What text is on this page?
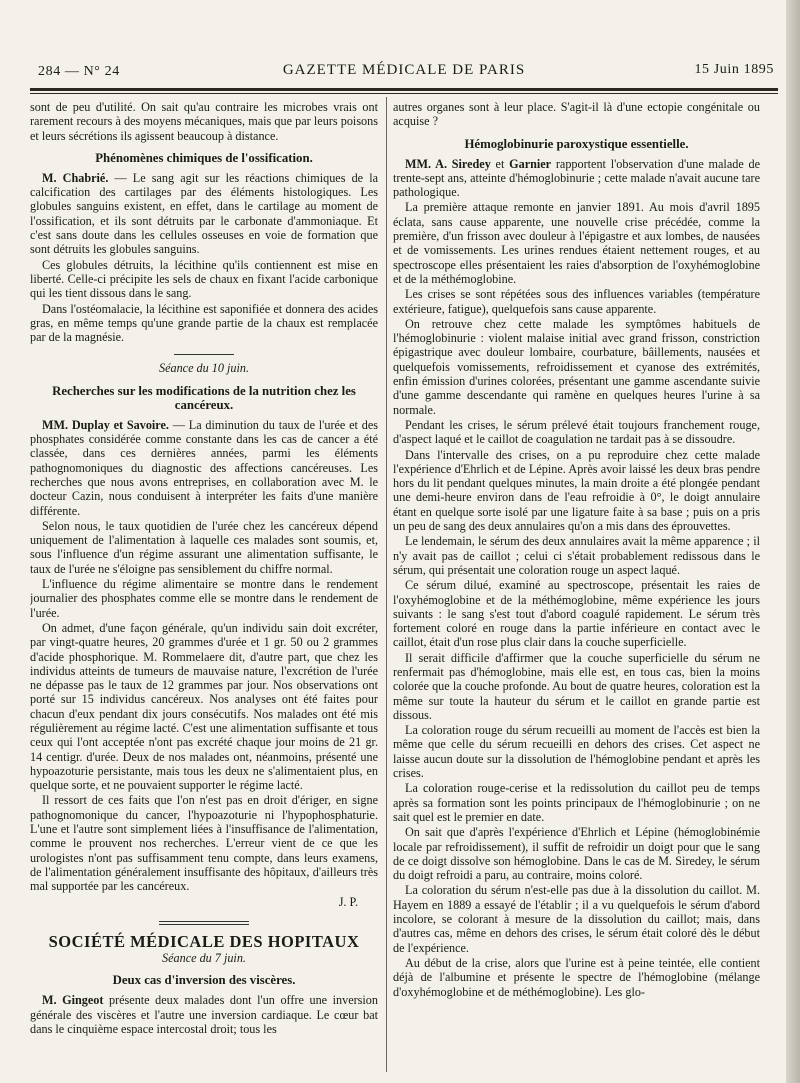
284 — N° 24	GAZETTE MÉDICALE DE PARIS	15 Juin 1895

sont de peu d'utilité. On sait qu'au contraire les microbes vrais ont rarement recours à des moyens mécaniques, mais que par leurs poisons et leurs sécrétions ils agissent beaucoup à distance.

Phénomènes chimiques de l'ossification.

M. Chabrié. — Le sang agit sur les réactions chimiques de la calcification des cartilages par des éléments histologiques. Les globules sanguins existent, en effet, dans le cartilage au moment de l'ossification, et ils sont détruits par le carbonate d'ammoniaque. Et c'est sans doute dans les cellules osseuses en voie de formation que sont détruits les globules sanguins.

Ces globules détruits, la lécithine qu'ils contiennent est mise en liberté. Celle-ci précipite les sels de chaux en fixant l'acide carbonique qui les tient dissous dans le sang.

Dans l'ostéomalacie, la lécithine est saponifiée et donnera des acides gras, en même temps qu'une grande partie de la chaux est remplacée par de la magnésie.

Séance du 10 juin.
Recherches sur les modifications de la nutrition chez les cancéreux.

MM. Duplay et Savoire. — La diminution du taux de l'urée et des phosphates considérée comme constante dans les cas de cancer a été classée, dans ces dernières années, parmi les éléments pathognomoniques du diagnostic des affections cancéreuses. Les recherches que nous avons entreprises, en collaboration avec M. le docteur Cazin, nous conduisent à interpréter les faits d'une manière différente.

Selon nous, le taux quotidien de l'urée chez les cancéreux dépend uniquement de l'alimentation à laquelle ces malades sont soumis, et, sous l'influence d'un régime assurant une alimentation suffisante, le taux de l'urée ne s'éloigne pas sensiblement du chiffre normal.

L'influence du régime alimentaire se montre dans le rendement journalier des phosphates comme elle se montre dans le rendement de l'urée.

On admet, d'une façon générale, qu'un individu sain doit excréter, par vingt-quatre heures, 20 grammes d'urée et 1 gr. 50 ou 2 grammes d'acide phosphorique. M. Rommelaere dit, d'autre part, que chez les individus atteints de tumeurs de mauvaise nature, l'excrétion de l'urée ne dépasse pas le taux de 12 grammes par jour. Nos observations ont porté sur 15 individus cancéreux. Nos analyses ont été faites pour chacun d'eux pendant dix jours consécutifs. Nos malades ont été mis régulièrement au régime lacté. C'est une alimentation suffisante et tous ceux qui l'ont acceptée n'ont pas excrété chaque jour moins de 21 gr. 14 centigr. d'urée. Deux de nos malades ont, néanmoins, présenté une hypoazoturie persistante, mais tous les deux ne s'alimentaient plus, en quelque sorte, et ne pouvaient supporter le régime lacté.

Il ressort de ces faits que l'on n'est pas en droit d'ériger, en signe pathognomonique du cancer, l'hypoazoturie ni l'hypophosphaturie. L'une et l'autre sont simplement liées à l'insuffisance de l'alimentation, comme le prouvent nos recherches. L'erreur vient de ce que les urologistes n'ont pas suffisamment tenu compte, dans leurs examens, de l'alimentation généralement insuffisante des hôpitaux, d'ailleurs très mal supportée par les cancéreux.

J. P.
SOCIÉTÉ MÉDICALE DES HOPITAUX
Séance du 7 juin.
Deux cas d'inversion des viscères.

M. Gingeot présente deux malades dont l'un offre une inversion générale des viscères et l'autre une inversion cardiaque. Le cœur bat dans le cinquième espace intercostal droit; tous les

autres organes sont à leur place. S'agit-il là d'une ectopie congénitale ou acquise ?

Hémoglobinurie paroxystique essentielle.

MM. A. Siredey et Garnier rapportent l'observation d'une malade de trente-sept ans, atteinte d'hémoglobinurie ; cette malade n'avait aucune tare pathologique.

La première attaque remonte en janvier 1891. Au mois d'avril 1895 éclata, sans cause apparente, une nouvelle crise précédée, comme la première, d'un frisson avec douleur à l'épigastre et aux lombes, de nausées et de vomissements. Les urines rendues étaient nettement rouges, et au spectroscope elles présentaient les raies d'absorption de l'oxyhémoglobine et de la méthémoglobine.

Les crises se sont répétées sous des influences variables (température extérieure, fatigue), quelquefois sans cause apparente.

On retrouve chez cette malade les symptômes habituels de l'hémoglobinurie : violent malaise initial avec grand frisson, constriction épigastrique avec douleur lombaire, courbature, bâillements, nausées et quelquefois vomissements, refroidissement et cyanose des extrémités, enfin émission d'urines colorées, présentant une gamme ascendante suivie d'une gamme descendante qui ramène en quelques heures l'urine à sa normale.

Pendant les crises, le sérum prélevé était toujours franchement rouge, d'aspect laqué et le caillot de coagulation ne tardait pas à se dissoudre.

Dans l'intervalle des crises, on a pu reproduire chez cette malade l'expérience d'Ehrlich et de Lépine. Après avoir laissé les deux bras pendre hors du lit pendant quelques minutes, la main droite a été plongée pendant une demi-heure environ dans de l'eau refroidie à 0°, le doigt annulaire étant en quelque sorte isolé par une ligature faite à sa base ; puis on a pris un peu de sang des deux annulaires qu'on a mis dans des éprouvettes.

Le lendemain, le sérum des deux annulaires avait la même apparence ; il n'y avait pas de caillot ; celui ci s'était probablement redissous dans le sérum, qui présentait une coloration rouge un aspect laqué.

Ce sérum dilué, examiné au spectroscope, présentait les raies de l'oxyhémoglobine et de la méthémoglobine, même expérience les jours suivants : le sang s'est tout d'abord coagulé rapidement. Le sérum très fortement coloré en rouge dans la partie inférieure en contact avec le caillot, était d'un rose plus clair dans la couche superficielle.

Il serait difficile d'affirmer que la couche superficielle du sérum ne renfermait pas d'hémoglobine, mais elle est, en tous cas, bien la moins colorée que la couche profonde. Au bout de quatre heures, coloration est la même sur toute la hauteur du sérum et le caillot en grande partie est dissous.

La coloration rouge du sérum recueilli au moment de l'accès est bien la même que celle du sérum recueilli en dehors des crises. Cet aspect ne laisse aucun doute sur la dissolution de l'hémoglobine pendant et après les crises.

La coloration rouge-cerise et la redissolution du caillot peu de temps après sa formation sont les points principaux de l'hémoglobinurie ; on ne sait quel est le premier en date.

On sait que d'après l'expérience d'Ehrlich et Lépine (hémoglobinémie locale par refroidissement), il suffit de refroidir un doigt pour que le sang de ce doigt dissolve son hémoglobine. Dans le cas de M. Siredey, le sérum du doigt refroidi a paru, au contraire, moins coloré.

La coloration du sérum n'est-elle pas due à la dissolution du caillot. M. Hayem en 1889 a essayé de l'établir ; il a vu quelquefois le sérum d'abord incolore, se colorant à mesure de la dissolution du caillot; mais, dans d'autres cas, même en dehors des crises, le sérum était coloré dès le début de l'expérience.

Au début de la crise, alors que l'urine est à peine teintée, elle contient déjà de l'albumine et présente le spectre de l'hémoglobine (mélange d'oxyhémoglobine et de méthémoglobine). Les glo-
